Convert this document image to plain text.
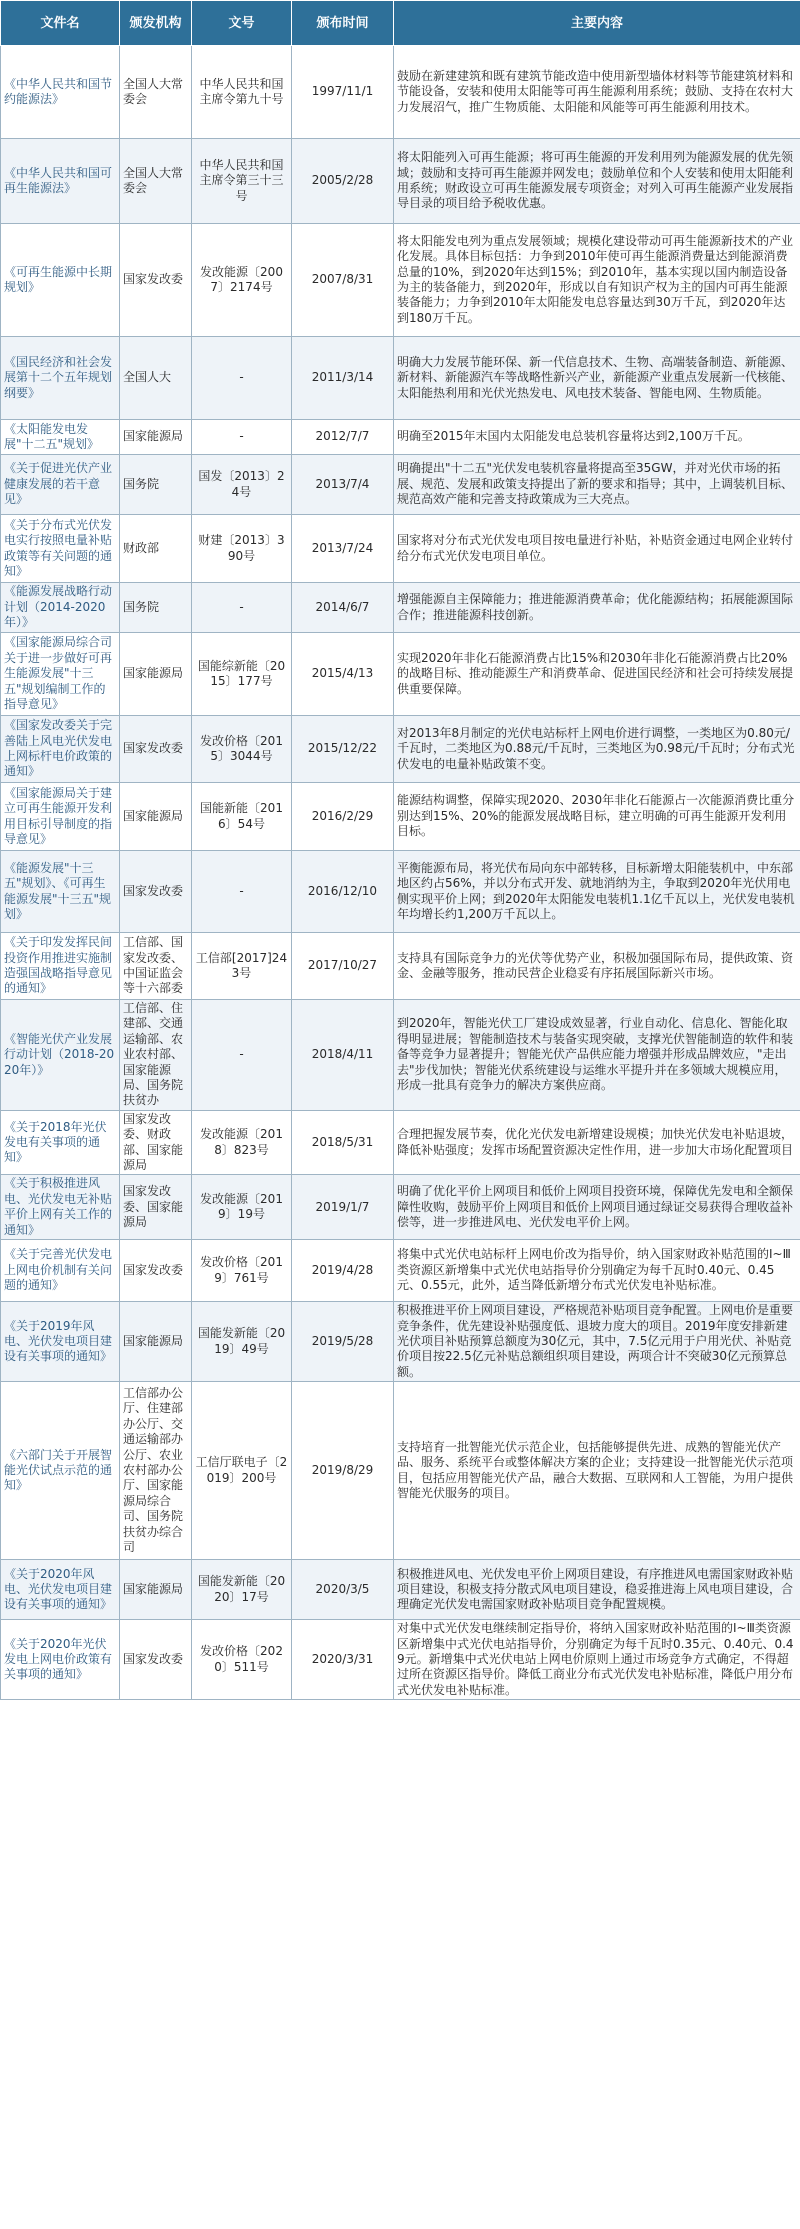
文件名	颁发机构	文号	颁布时间	主要内容
《中华人民共和国节约能源法》	全国人大常委会	中华人民共和国主席令第九十号	1997/11/1	鼓励在新建建筑和既有建筑节能改造中使用新型墙体材料等节能建筑材料和节能设备，安装和使用太阳能等可再生能源利用系统；鼓励、支持在农村大力发展沼气，推广生物质能、太阳能和风能等可再生能源利用技术。
《中华人民共和国可再生能源法》	全国人大常委会	中华人民共和国主席令第三十三号	2005/2/28	将太阳能列入可再生能源；将可再生能源的开发利用列为能源发展的优先领域；鼓励和支持可再生能源并网发电；鼓励单位和个人安装和使用太阳能利用系统；财政设立可再生能源发展专项资金；对列入可再生能源产业发展指导目录的项目给予税收优惠。
《可再生能源中长期规划》	国家发改委	发改能源〔2007〕2174号	2007/8/31	将太阳能发电列为重点发展领域；规模化建设带动可再生能源新技术的产业化发展。具体目标包括：力争到2010年使可再生能源消费量达到能源消费总量的10%，到2020年达到15%；到2010年，基本实现以国内制造设备为主的装备能力，到2020年，形成以自有知识产权为主的国内可再生能源装备能力；力争到2010年太阳能发电总容量达到30万千瓦，到2020年达到180万千瓦。
《国民经济和社会发展第十二个五年规划纲要》	全国人大	-	2011/3/14	明确大力发展节能环保、新一代信息技术、生物、高端装备制造、新能源、新材料、新能源汽车等战略性新兴产业，新能源产业重点发展新一代核能、太阳能热利用和光伏光热发电、风电技术装备、智能电网、生物质能。
《太阳能发电发展"十二五"规划》	国家能源局	-	2012/7/7	明确至2015年末国内太阳能发电总装机容量将达到2,100万千瓦。
《关于促进光伏产业健康发展的若干意见》	国务院	国发〔2013〕24号	2013/7/4	明确提出"十二五"光伏发电装机容量将提高至35GW，并对光伏市场的拓展、规范、发展和政策支持提出了新的要求和指导；其中，上调装机目标、规范高效产能和完善支持政策成为三大亮点。
《关于分布式光伏发电实行按照电量补贴政策等有关问题的通知》	财政部	财建〔2013〕390号	2013/7/24	国家将对分布式光伏发电项目按电量进行补贴，补贴资金通过电网企业转付给分布式光伏发电项目单位。
《能源发展战略行动计划（2014-2020年）》	国务院	-	2014/6/7	增强能源自主保障能力；推进能源消费革命；优化能源结构；拓展能源国际合作；推进能源科技创新。
《国家能源局综合司关于进一步做好可再生能源发展"十三五"规划编制工作的指导意见》	国家能源局	国能综新能〔2015〕177号	2015/4/13	实现2020年非化石能源消费占比15%和2030年非化石能源消费占比20%的战略目标、推动能源生产和消费革命、促进国民经济和社会可持续发展提供重要保障。
《国家发改委关于完善陆上风电光伏发电上网标杆电价政策的通知》	国家发改委	发改价格〔2015〕3044号	2015/12/22	对2013年8月制定的光伏电站标杆上网电价进行调整，一类地区为0.80元/千瓦时，二类地区为0.88元/千瓦时，三类地区为0.98元/千瓦时；分布式光伏发电的电量补贴政策不变。
《国家能源局关于建立可再生能源开发利用目标引导制度的指导意见》	国家能源局	国能新能〔2016〕54号	2016/2/29	能源结构调整，保障实现2020、2030年非化石能源占一次能源消费比重分别达到15%、20%的能源发展战略目标，建立明确的可再生能源开发利用目标。
《能源发展"十三五"规划》、《可再生能源发展"十三五"规划》	国家发改委	-	2016/12/10	平衡能源布局，将光伏布局向东中部转移，目标新增太阳能装机中，中东部地区约占56%，并以分布式开发、就地消纳为主，争取到2020年光伏用电侧实现平价上网；到2020年太阳能发电装机1.1亿千瓦以上，光伏发电装机年均增长约1,200万千瓦以上。
《关于印发发挥民间投资作用推进实施制造强国战略指导意见的通知》	工信部、国家发改委、中国证监会等十六部委	工信部[2017]243号	2017/10/27	支持具有国际竞争力的光伏等优势产业，积极加强国际布局，提供政策、资金、金融等服务，推动民营企业稳妥有序拓展国际新兴市场。
《智能光伏产业发展行动计划（2018-2020年）》	工信部、住建部、交通运输部、农业农村部、国家能源局、国务院扶贫办	-	2018/4/11	到2020年，智能光伏工厂建设成效显著，行业自动化、信息化、智能化取得明显进展；智能制造技术与装备实现突破，支撑光伏智能制造的软件和装备等竞争力显著提升；智能光伏产品供应能力增强并形成品牌效应，"走出去"步伐加快；智能光伏系统建设与运维水平提升并在多领域大规模应用，形成一批具有竞争力的解决方案供应商。
《关于2018年光伏发电有关事项的通知》	国家发改委、财政部、国家能源局	发改能源〔2018〕823号	2018/5/31	合理把握发展节奏，优化光伏发电新增建设规模；加快光伏发电补贴退坡，降低补贴强度；发挥市场配置资源决定性作用，进一步加大市场化配置项目
《关于积极推进风电、光伏发电无补贴平价上网有关工作的通知》	国家发改委、国家能源局	发改能源〔2019〕19号	2019/1/7	明确了优化平价上网项目和低价上网项目投资环境，保障优先发电和全额保障性收购，鼓励平价上网项目和低价上网项目通过绿证交易获得合理收益补偿等，进一步推进风电、光伏发电平价上网。
《关于完善光伏发电上网电价机制有关问题的通知》	国家发改委	发改价格〔2019〕761号	2019/4/28	将集中式光伏电站标杆上网电价改为指导价，纳入国家财政补贴范围的Ⅰ~Ⅲ类资源区新增集中式光伏电站指导价分别确定为每千瓦时0.40元、0.45元、0.55元，此外，适当降低新增分布式光伏发电补贴标准。
《关于2019年风电、光伏发电项目建设有关事项的通知》	国家能源局	国能发新能〔2019〕49号	2019/5/28	积极推进平价上网项目建设，严格规范补贴项目竞争配置。上网电价是重要竞争条件，优先建设补贴强度低、退坡力度大的项目。2019年度安排新建光伏项目补贴预算总额度为30亿元，其中，7.5亿元用于户用光伏、补贴竞价项目按22.5亿元补贴总额组织项目建设，两项合计不突破30亿元预算总额。
《六部门关于开展智能光伏试点示范的通知》	工信部办公厅、住建部办公厅、交通运输部办公厅、农业农村部办公厅、国家能源局综合司、国务院扶贫办综合司	工信厅联电子〔2019〕200号	2019/8/29	支持培育一批智能光伏示范企业，包括能够提供先进、成熟的智能光伏产品、服务、系统平台或整体解决方案的企业；支持建设一批智能光伏示范项目，包括应用智能光伏产品，融合大数据、互联网和人工智能，为用户提供智能光伏服务的项目。
《关于2020年风电、光伏发电项目建设有关事项的通知》	国家能源局	国能发新能〔2020〕17号	2020/3/5	积极推进风电、光伏发电平价上网项目建设，有序推进风电需国家财政补贴项目建设，积极支持分散式风电项目建设，稳妥推进海上风电项目建设，合理确定光伏发电需国家财政补贴项目竞争配置规模。
《关于2020年光伏发电上网电价政策有关事项的通知》	国家发改委	发改价格〔2020〕511号	2020/3/31	对集中式光伏发电继续制定指导价，将纳入国家财政补贴范围的Ⅰ~Ⅲ类资源区新增集中式光伏电站指导价，分别确定为每千瓦时0.35元、0.40元、0.49元。新增集中式光伏电站上网电价原则上通过市场竞争方式确定，不得超过所在资源区指导价。降低工商业分布式光伏发电补贴标准，降低户用分布式光伏发电补贴标准。
